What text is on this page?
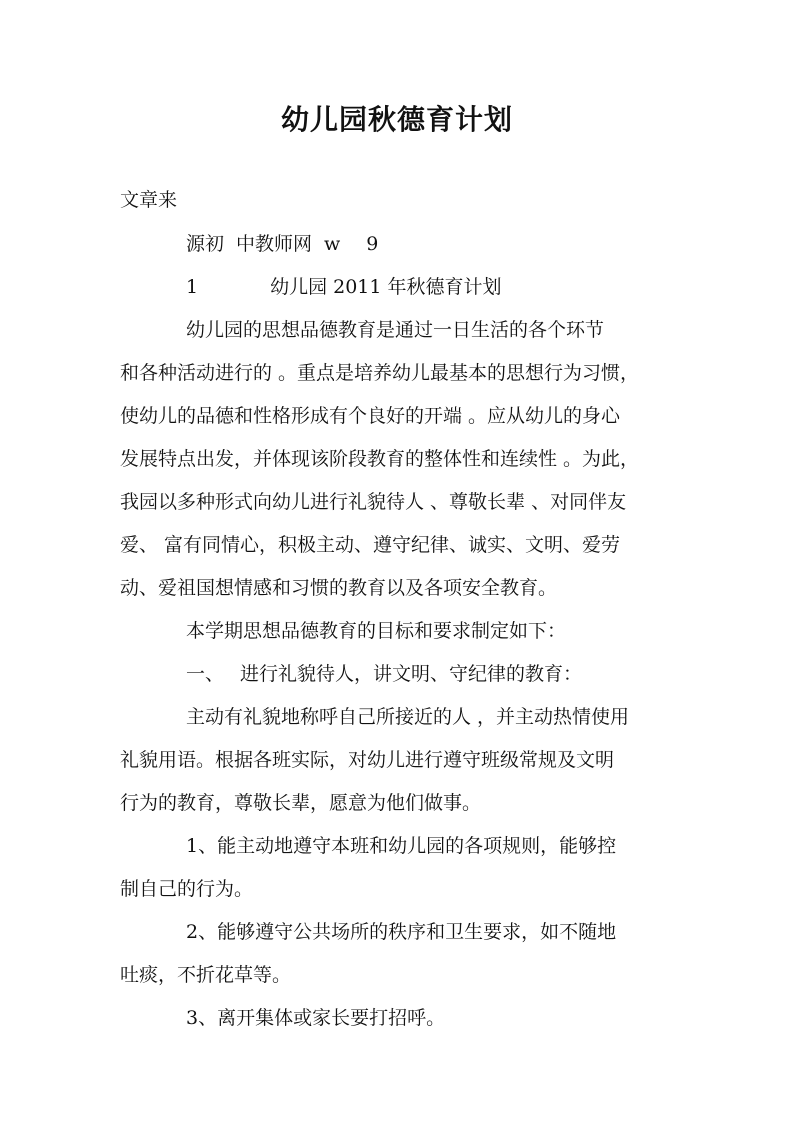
幼儿园秋德育计划
文章来
源初 中教师网 w 9
1	幼儿园 2011 年秋德育计划
幼儿园的思想品德教育是通过一日生活的各个环节
和各种活动进行的 。重点是培养幼儿最基本的思想行为习惯，
使幼儿的品德和性格形成有个良好的开端 。应从幼儿的身心
发展特点出发，并体现该阶段教育的整体性和连续性 。为此，
我园以多种形式向幼儿进行礼貌待人 、尊敬长辈 、对同伴友
爱、 富有同情心，积极主动、遵守纪律、诚实、文明、爱劳
动、爱祖国想情感和习惯的教育以及各项安全教育。
本学期思想品德教育的目标和要求制定如下：
一、 进行礼貌待人，讲文明、守纪律的教育：
主动有礼貌地称呼自己所接近的人 ，并主动热情使用
礼貌用语。根据各班实际，对幼儿进行遵守班级常规及文明
行为的教育，尊敬长辈，愿意为他们做事。
1、能主动地遵守本班和幼儿园的各项规则，能够控
制自己的行为。
2、能够遵守公共场所的秩序和卫生要求，如不随地
吐痰，不折花草等。
3、离开集体或家长要打招呼。
